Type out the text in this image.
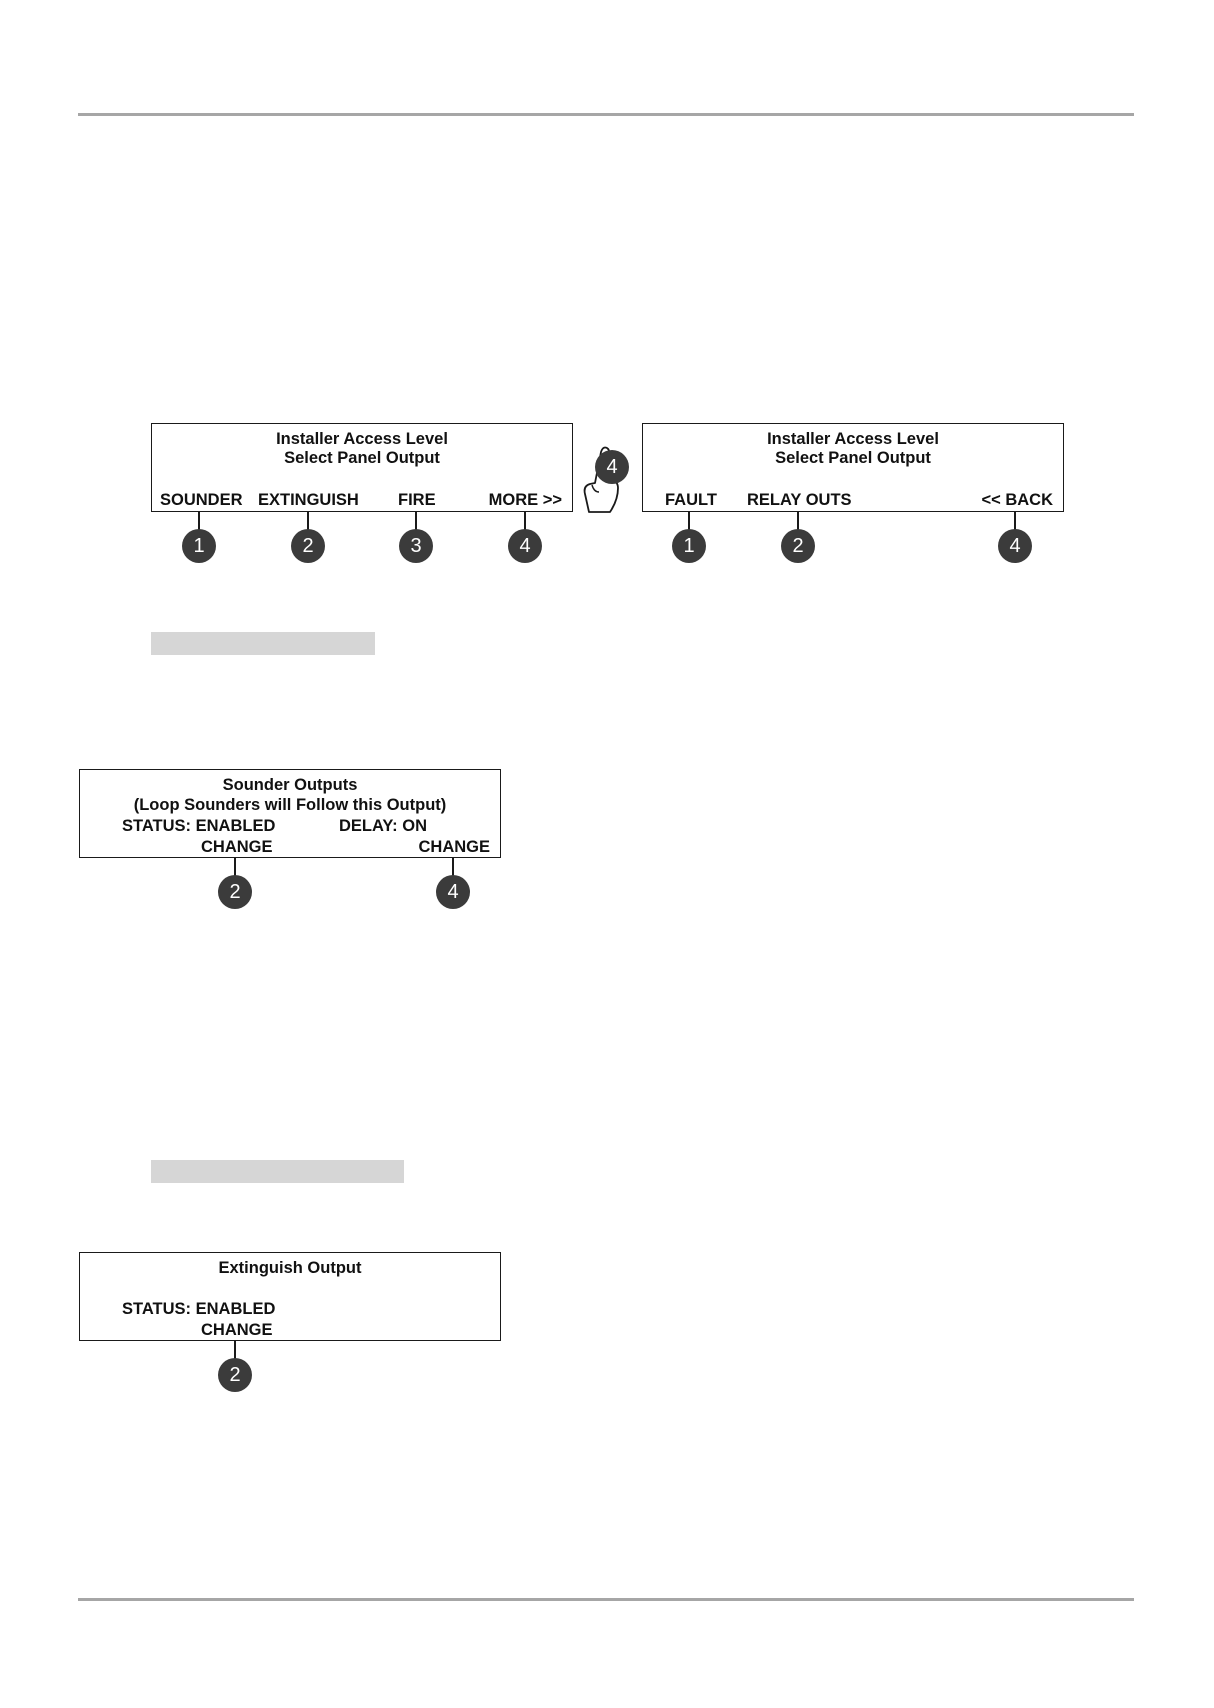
Installer Access Level
Select Panel Output
SOUNDER EXTINGUISH FIRE	MORE >>
1	2	3	4
4
Installer Access Level
Select Panel Output
FAULT RELAY OUTS	<< BACK
1	2	4
Sounder Outputs
(Loop Sounders will Follow this Output)
STATUS: ENABLED	DELAY: ON
CHANGE	CHANGE
2	4
Extinguish Output
STATUS: ENABLED
CHANGE
2
